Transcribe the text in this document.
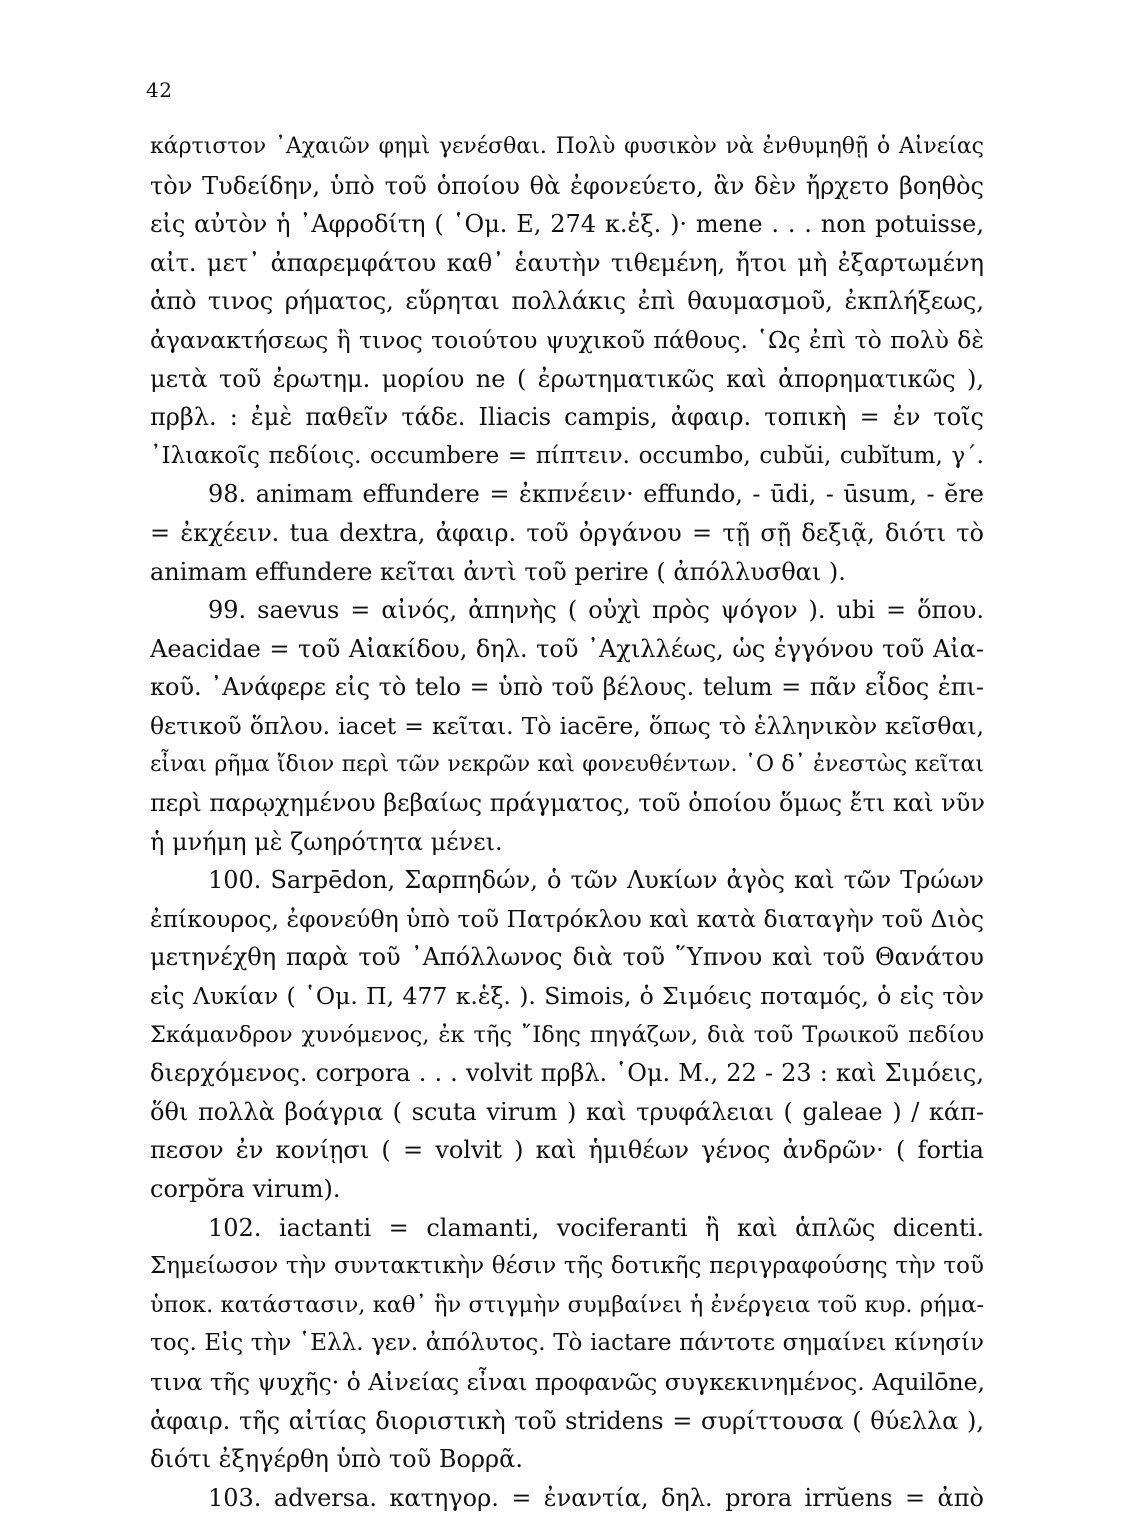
42
κάρτιστον ᾿Αχαιῶν φημὶ γενέσθαι. Πολὺ φυσικὸν νὰ ἐνθυμηθῇ ὁ Αἰνείας
τὸν Τυδείδην, ὑπὸ τοῦ ὁποίου θὰ ἐφονεύετο, ἂν δὲν ἤρχετο βοηθὸς
εἰς αὐτὸν ἡ ᾿Αφροδίτη ( ῾Ομ. Ε, 274 κ.ἑξ. )· mene . . . non potuisse,
αἰτ. μετ᾿ ἀπαρεμφάτου καθ᾿ ἑαυτὴν τιθεμένη, ἤτοι μὴ ἐξαρτωμένη
ἀπὸ τινος ρήματος, εὕρηται πολλάκις ἐπὶ θαυμασμοῦ, ἐκπλήξεως,
ἀγανακτήσεως ἢ τινος τοιούτου ψυχικοῦ πάθους. ῾Ως ἐπὶ τὸ πολὺ δὲ
μετὰ τοῦ ἐρωτημ. μορίου ne ( ἐρωτηματικῶς καὶ ἀπορηματικῶς ),
πρβλ. : ἐμὲ παθεῖν τάδε. Iliacis campis, ἀφαιρ. τοπικὴ = ἐν τοῖς
᾿Ιλιακοῖς πεδίοις. occumbere = πίπτειν. occumbo, cubŭi, cubĭtum, γ΄.
98. animam effundere = ἐκπνέειν· effundo, - ūdi, - ūsum, - ĕre
= ἐκχέειν. tua dextra, ἀφαιρ. τοῦ ὀργάνου = τῇ σῇ δεξιᾷ, διότι τὸ
animam effundere κεῖται ἀντὶ τοῦ perire ( ἀπόλλυσθαι ).
99. saevus = αἰνός, ἀπηνὴς ( οὐχὶ πρὸς ψόγον ). ubi = ὅπου.
Aeacidae = τοῦ Αἰακίδου, δηλ. τοῦ ᾿Αχιλλέως, ὡς ἐγγόνου τοῦ Αἰα-
κοῦ. ᾿Ανάφερε εἰς τὸ telo = ὑπὸ τοῦ βέλους. telum = πᾶν εἶδος ἐπι-
θετικοῦ ὅπλου. iacet = κεῖται. Τὸ iacēre, ὅπως τὸ ἑλληνικὸν κεῖσθαι,
εἶναι ρῆμα ἴδιον περὶ τῶν νεκρῶν καὶ φονευθέντων. ῾Ο δ᾿ ἐνεστὼς κεῖται
περὶ παρῳχημένου βεβαίως πράγματος, τοῦ ὁποίου ὅμως ἔτι καὶ νῦν
ἡ μνήμη μὲ ζωηρότητα μένει.
100. Sarpēdon, Σαρπηδών, ὁ τῶν Λυκίων ἀγὸς καὶ τῶν Τρώων
ἐπίκουρος, ἐφονεύθη ὑπὸ τοῦ Πατρόκλου καὶ κατὰ διαταγὴν τοῦ Διὸς
μετηνέχθη παρὰ τοῦ ᾿Απόλλωνος διὰ τοῦ ῞Υπνου καὶ τοῦ Θανάτου
εἰς Λυκίαν ( ῾Ομ. Π, 477 κ.ἑξ. ). Simois, ὁ Σιμόεις ποταμός, ὁ εἰς τὸν
Σκάμανδρον χυνόμενος, ἐκ τῆς ῎Ιδης πηγάζων, διὰ τοῦ Τρωικοῦ πεδίου
διερχόμενος. corpora . . . volvit πρβλ. ῾Ομ. Μ., 22 - 23 : καὶ Σιμόεις,
ὅθι πολλὰ βοάγρια ( scuta virum ) καὶ τρυφάλειαι ( galeae ) / κάπ-
πεσον ἐν κονίῃσι ( = volvit ) καὶ ἡμιθέων γένος ἀνδρῶν· ( fortia
corpŏra virum).
102. iactanti = clamanti, vociferanti ἢ καὶ ἁπλῶς dicenti.
Σημείωσον τὴν συντακτικὴν θέσιν τῆς δοτικῆς περιγραφούσης τὴν τοῦ
ὑποκ. κατάστασιν, καθ᾿ ἣν στιγμὴν συμβαίνει ἡ ἐνέργεια τοῦ κυρ. ρήμα-
τος. Εἰς τὴν ῾Ελλ. γεν. ἀπόλυτος. Τὸ iactare πάντοτε σημαίνει κίνησίν
τινα τῆς ψυχῆς· ὁ Αἰνείας εἶναι προφανῶς συγκεκινημένος. Aquilōne,
ἀφαιρ. τῆς αἰτίας διοριστικὴ τοῦ stridens = συρίττουσα ( θύελλα ),
διότι ἐξηγέρθη ὑπὸ τοῦ Βορρᾶ.
103. adversa. κατηγορ. = ἐναντία, δηλ. prora irrŭens = ἀπὸ
